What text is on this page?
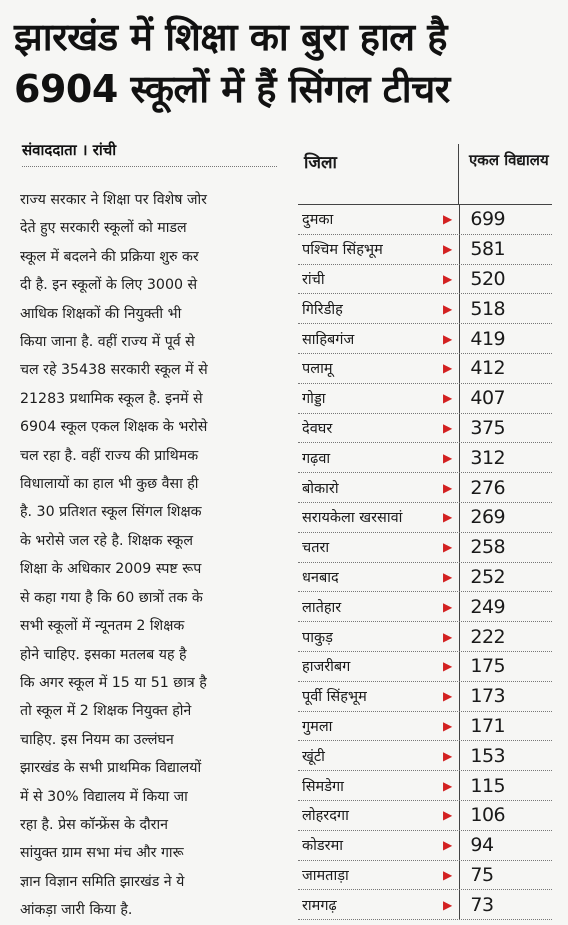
झारखंड में शिक्षा का बुरा हाल है
6904 स्कूलों में हैं सिंगल टीचर
संवाददाता । रांची
राज्य सरकार ने शिक्षा पर विशेष जोर
देते हुए सरकारी स्कूलों को माडल
स्कूल में बदलने की प्रक्रिया शुरु कर
दी है. इन स्कूलों के लिए 3000 से
आधिक शिक्षकों की नियुक्ती भी
किया जाना है. वहीं राज्य में पूर्व से
चल रहे 35438 सरकारी स्कूल में से
21283 प्रथामिक स्कूल है. इनमें से
6904 स्कूल एकल शिक्षक के भरोसे
चल रहा है. वहीं राज्य की प्राथिमक
विधालायों का हाल भी कुछ वैसा ही
है. 30 प्रतिशत स्कूल सिंगल शिक्षक
के भरोसे जल रहे है. शिक्षक स्कूल
शिक्षा के अधिकार 2009 स्पष्ट रूप
से कहा गया है कि 60 छात्रों तक के
सभी स्कूलों में न्यूनतम 2 शिक्षक
होने चाहिए. इसका मतलब यह है
कि अगर स्कूल में 15 या 51 छात्र है
तो स्कूल में 2 शिक्षक नियुक्त होने
चाहिए. इस नियम का उल्लंघन
झारखंड के सभी प्राथमिक विद्यालयों
में से 30% विद्यालय में किया जा
रहा है. प्रेस कॉन्फ्रेंस के दौरान
सांयुक्त ग्राम सभा मंच और गारू
ज्ञान विज्ञान समिति झारखंड ने ये
आंकड़ा जारी किया है.
जिला	एकल विद्यालय
दुमका	▶ 699
पश्चिम सिंहभूम	▶ 581
रांची	▶ 520
गिरिडीह	▶ 518
साहिबगंज	▶ 419
पलामू	▶ 412
गोड्डा	▶ 407
देवघर	▶ 375
गढ़वा	▶ 312
बोकारो	▶ 276
सरायकेला खरसावां	▶ 269
चतरा	▶ 258
धनबाद	▶ 252
लातेहार	▶ 249
पाकुड़	▶ 222
हाजरीबग	▶ 175
पूर्वी सिंहभूम	▶ 173
गुमला	▶ 171
खूंटी	▶ 153
सिमडेगा	▶ 115
लोहरदगा	▶ 106
कोडरमा	▶ 94
जामताड़ा	▶ 75
रामगढ़	▶ 73
